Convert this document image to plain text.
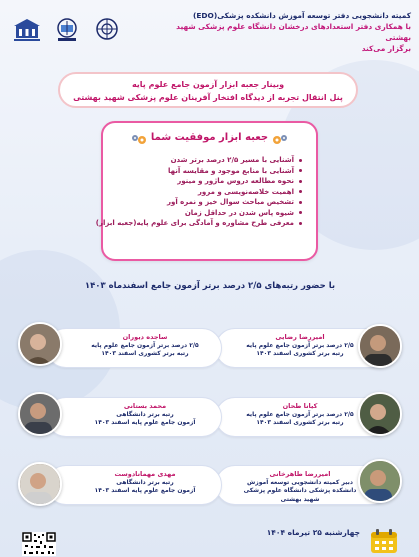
کمیته دانشجویی دفتر توسعه آموزش دانشکده پزشکی(EDO)
با همکاری دفتر استعدادهای درخشان دانشگاه علوم پزشکی شهید بهشتی
برگزار می‌کند
وبینار جعبه ابزار آزمون جامع علوم پایه
پنل انتقال تجربه از دیدگاه افتخار آفرینان علوم پزشکی شهید بهشتی
جعبه ابزار موفقیت شما
آشنایی با مسیر ۲/۵ درصد برتر شدن
آشنایی با منابع موجود و مقایسه آنها
نحوه مطالعه دروس ماژور و مینور
اهمیت خلاصه‌نویسی و مرور
تشخیص مباحث سوال خیز و نمره آور
شیوه پاس شدن در حداقل زمان
معرفی طرح مشاوره و آمادگی برای علوم پایه(جعبه ابزار)
با حضور رتبه‌های ۲/۵ درصد برتر آزمون جامع اسفند‌ماه ۱۴۰۳
امیررضا رضایی
۲/۵ درصد برتر آزمون جامع علوم پایه
رتبه برتر کشوری اسفند ۱۴۰۳
ساجده دیوران
۲/۵ درصد برتر آزمون جامع علوم پایه
رتبه برتر کشوری اسفند ۱۴۰۳
کیانا طحان
۲/۵ درصد برتر آزمون جامع علوم پایه
رتبه برتر کشوری اسفند ۱۴۰۳
محمد بستانی
رتبه برتر دانشگاهی
آزمون جامع علوم پایه اسفند ۱۴۰۳
امیررضا طاهرخانی
دبیر کمیته دانشجویی توسعه آموزش
دانشکده پزشکی دانشگاه علوم پزشکی شهید بهشتی
مهدی مهمانادوست
رتبه برتر دانشگاهی
آزمون جامع علوم پایه اسفند ۱۴۰۳
چهارشنبه ۲۵ تیرماه ۱۴۰۴
